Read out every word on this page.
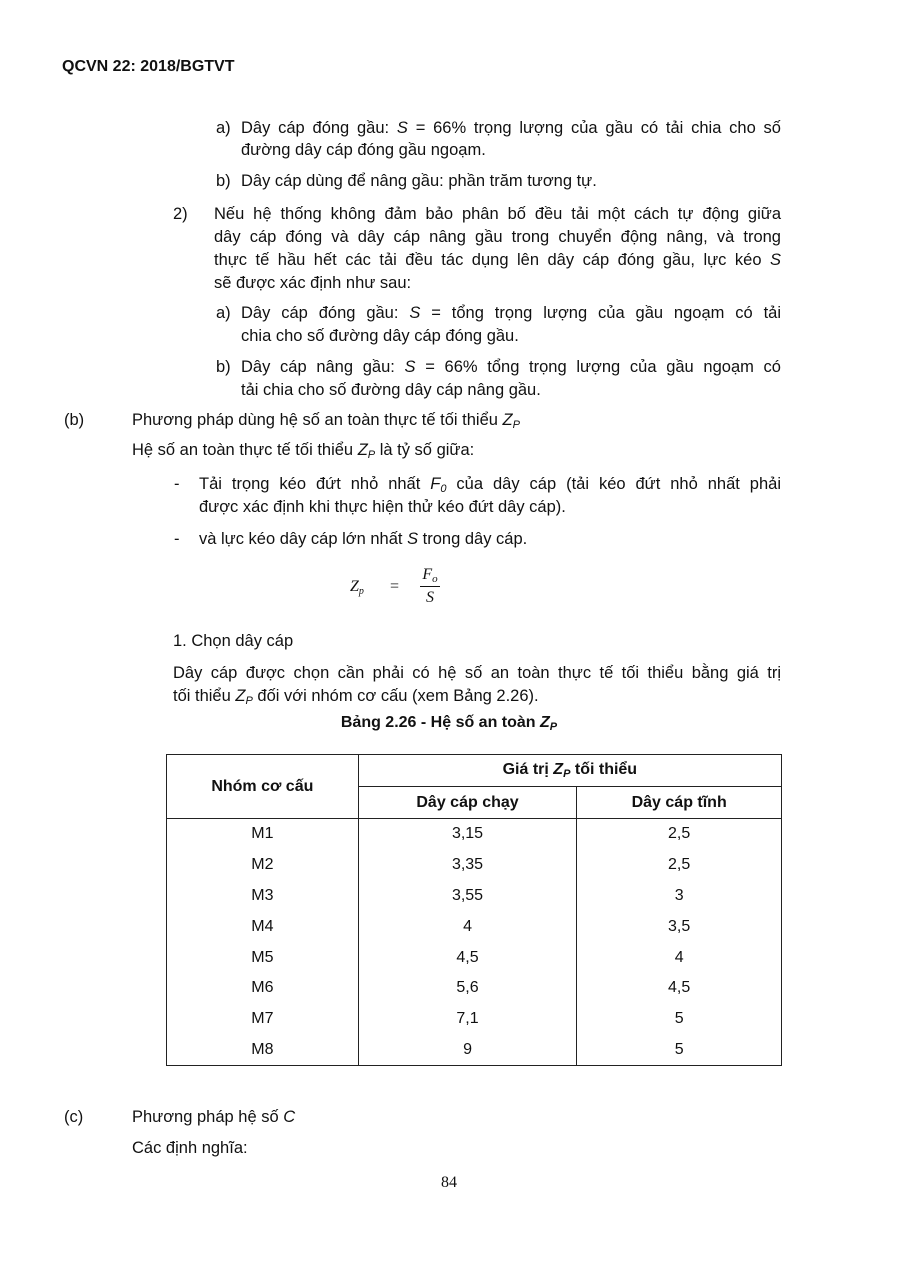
QCVN 22: 2018/BGTVT
a) Dây cáp đóng gầu: S = 66% trọng lượng của gầu có tải chia cho số
đường dây cáp đóng gầu ngoạm.
b) Dây cáp dùng để nâng gầu: phần trăm tương tự.
2) Nếu hệ thống không đảm bảo phân bố đều tải một cách tự động giữa
dây cáp đóng và dây cáp nâng gầu trong chuyển động nâng, và trong
thực tế hầu hết các tải đều tác dụng lên dây cáp đóng gầu, lực kéo S
sẽ được xác định như sau:
a) Dây cáp đóng gầu: S = tổng trọng lượng của gầu ngoạm có tải
chia cho số đường dây cáp đóng gầu.
b) Dây cáp nâng gầu: S = 66% tổng trọng lượng của gầu ngoạm có
tải chia cho số đường dây cáp nâng gầu.
(b)	Phương pháp dùng hệ số an toàn thực tế tối thiểu $Z_P$
Hệ số an toàn thực tế tối thiểu $Z_P$ là tỷ số giữa:
- Tải trọng kéo đứt nhỏ nhất $F_0$ của dây cáp (tải kéo đứt nhỏ nhất phải
được xác định khi thực hiện thử kéo đứt dây cáp).
- và lực kéo dây cáp lớn nhất S trong dây cáp.
1. Chọn dây cáp
Dây cáp được chọn cần phải có hệ số an toàn thực tế tối thiểu bằng giá trị
tối thiểu $Z_P$ đối với nhóm cơ cấu (xem Bảng 2.26).
(c)	Phương pháp hệ số C
Các định nghĩa:
$Z_p$ =
$F_o$
S
Bảng 2.26 - Hệ số an toàn $Z_P$
Nhóm cơ cấu	Giá trị $Z_P$ tối thiểu	
	Dây cáp chạy	Dây cáp tĩnh
M1	3,15	2,5
M2	3,35	2,5
M3	3,55	3
M4	4	3,5
M5	4,5	4
M6	5,6	4,5
M7	7,1	5
M8	9	5
84
